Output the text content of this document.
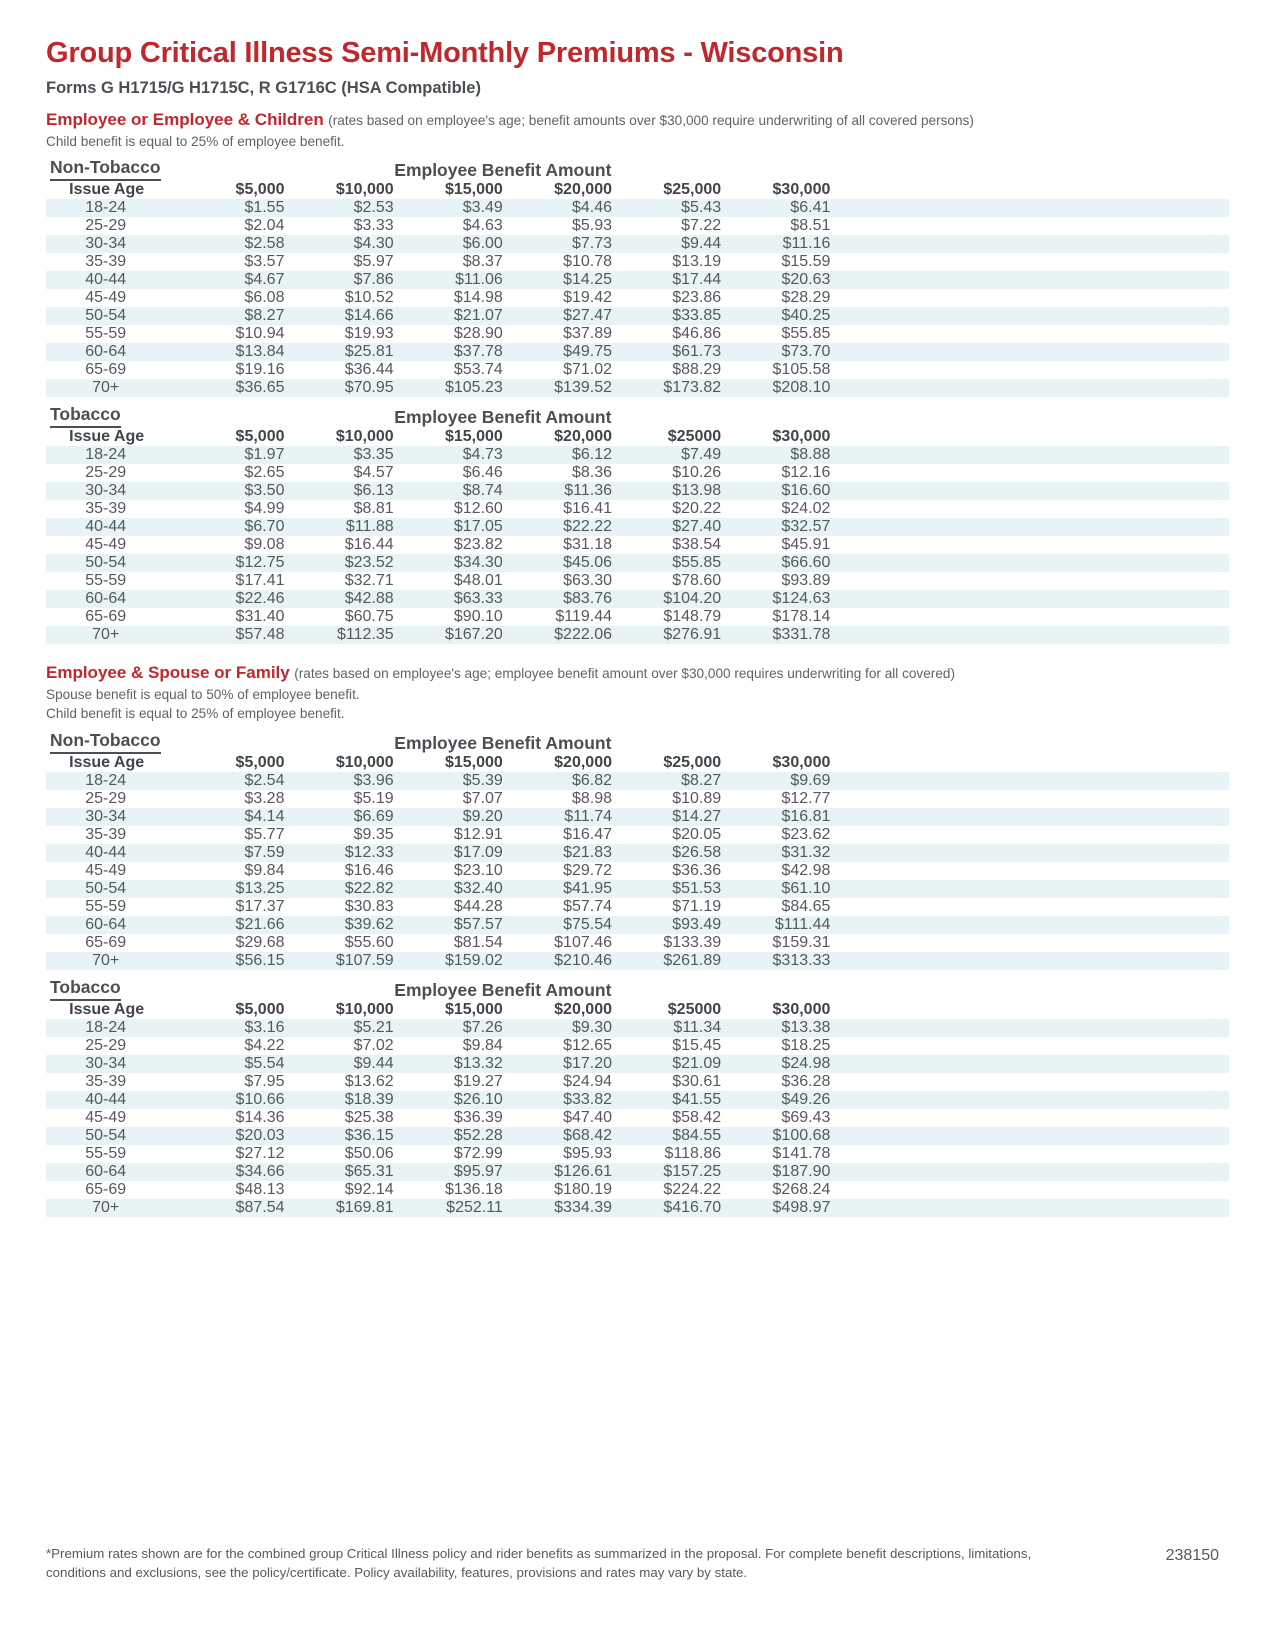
Group Critical Illness Semi-Monthly Premiums - Wisconsin
Forms G H1715/G H1715C, R G1716C (HSA Compatible)
Employee or Employee & Children (rates based on employee's age; benefit amounts over $30,000 require underwriting of all covered persons)
Child benefit is equal to 25% of employee benefit.
Non-Tobacco	Employee Benefit Amount									
Issue Age	$5,000	$10,000	$15,000	$20,000	$25,000	$30,000				
18-24	$1.55	$2.53	$3.49	$4.46	$5.43	$6.41				
25-29	$2.04	$3.33	$4.63	$5.93	$7.22	$8.51				
30-34	$2.58	$4.30	$6.00	$7.73	$9.44	$11.16				
35-39	$3.57	$5.97	$8.37	$10.78	$13.19	$15.59				
40-44	$4.67	$7.86	$11.06	$14.25	$17.44	$20.63				
45-49	$6.08	$10.52	$14.98	$19.42	$23.86	$28.29				
50-54	$8.27	$14.66	$21.07	$27.47	$33.85	$40.25				
55-59	$10.94	$19.93	$28.90	$37.89	$46.86	$55.85				
60-64	$13.84	$25.81	$37.78	$49.75	$61.73	$73.70				
65-69	$19.16	$36.44	$53.74	$71.02	$88.29	$105.58				
70+	$36.65	$70.95	$105.23	$139.52	$173.82	$208.10				
Tobacco	Employee Benefit Amount									
Issue Age	$5,000	$10,000	$15,000	$20,000	$25000	$30,000				
18-24	$1.97	$3.35	$4.73	$6.12	$7.49	$8.88				
25-29	$2.65	$4.57	$6.46	$8.36	$10.26	$12.16				
30-34	$3.50	$6.13	$8.74	$11.36	$13.98	$16.60				
35-39	$4.99	$8.81	$12.60	$16.41	$20.22	$24.02				
40-44	$6.70	$11.88	$17.05	$22.22	$27.40	$32.57				
45-49	$9.08	$16.44	$23.82	$31.18	$38.54	$45.91				
50-54	$12.75	$23.52	$34.30	$45.06	$55.85	$66.60				
55-59	$17.41	$32.71	$48.01	$63.30	$78.60	$93.89				
60-64	$22.46	$42.88	$63.33	$83.76	$104.20	$124.63				
65-69	$31.40	$60.75	$90.10	$119.44	$148.79	$178.14				
70+	$57.48	$112.35	$167.20	$222.06	$276.91	$331.78				
Employee & Spouse or Family (rates based on employee's age; employee benefit amount over $30,000 requires underwriting for all covered)
Spouse benefit is equal to 50% of employee benefit.
Child benefit is equal to 25% of employee benefit.
Non-Tobacco	Employee Benefit Amount									
Issue Age	$5,000	$10,000	$15,000	$20,000	$25,000	$30,000				
18-24	$2.54	$3.96	$5.39	$6.82	$8.27	$9.69				
25-29	$3.28	$5.19	$7.07	$8.98	$10.89	$12.77				
30-34	$4.14	$6.69	$9.20	$11.74	$14.27	$16.81				
35-39	$5.77	$9.35	$12.91	$16.47	$20.05	$23.62				
40-44	$7.59	$12.33	$17.09	$21.83	$26.58	$31.32				
45-49	$9.84	$16.46	$23.10	$29.72	$36.36	$42.98				
50-54	$13.25	$22.82	$32.40	$41.95	$51.53	$61.10				
55-59	$17.37	$30.83	$44.28	$57.74	$71.19	$84.65				
60-64	$21.66	$39.62	$57.57	$75.54	$93.49	$111.44				
65-69	$29.68	$55.60	$81.54	$107.46	$133.39	$159.31				
70+	$56.15	$107.59	$159.02	$210.46	$261.89	$313.33				
Tobacco	Employee Benefit Amount									
Issue Age	$5,000	$10,000	$15,000	$20,000	$25000	$30,000				
18-24	$3.16	$5.21	$7.26	$9.30	$11.34	$13.38				
25-29	$4.22	$7.02	$9.84	$12.65	$15.45	$18.25				
30-34	$5.54	$9.44	$13.32	$17.20	$21.09	$24.98				
35-39	$7.95	$13.62	$19.27	$24.94	$30.61	$36.28				
40-44	$10.66	$18.39	$26.10	$33.82	$41.55	$49.26				
45-49	$14.36	$25.38	$36.39	$47.40	$58.42	$69.43				
50-54	$20.03	$36.15	$52.28	$68.42	$84.55	$100.68				
55-59	$27.12	$50.06	$72.99	$95.93	$118.86	$141.78				
60-64	$34.66	$65.31	$95.97	$126.61	$157.25	$187.90				
65-69	$48.13	$92.14	$136.18	$180.19	$224.22	$268.24				
70+	$87.54	$169.81	$252.11	$334.39	$416.70	$498.97				
*Premium rates shown are for the combined group Critical Illness policy and rider benefits as summarized in the proposal. For complete benefit descriptions, limitations, conditions and exclusions, see the policy/certificate. Policy availability, features, provisions and rates may vary by state.
238150
